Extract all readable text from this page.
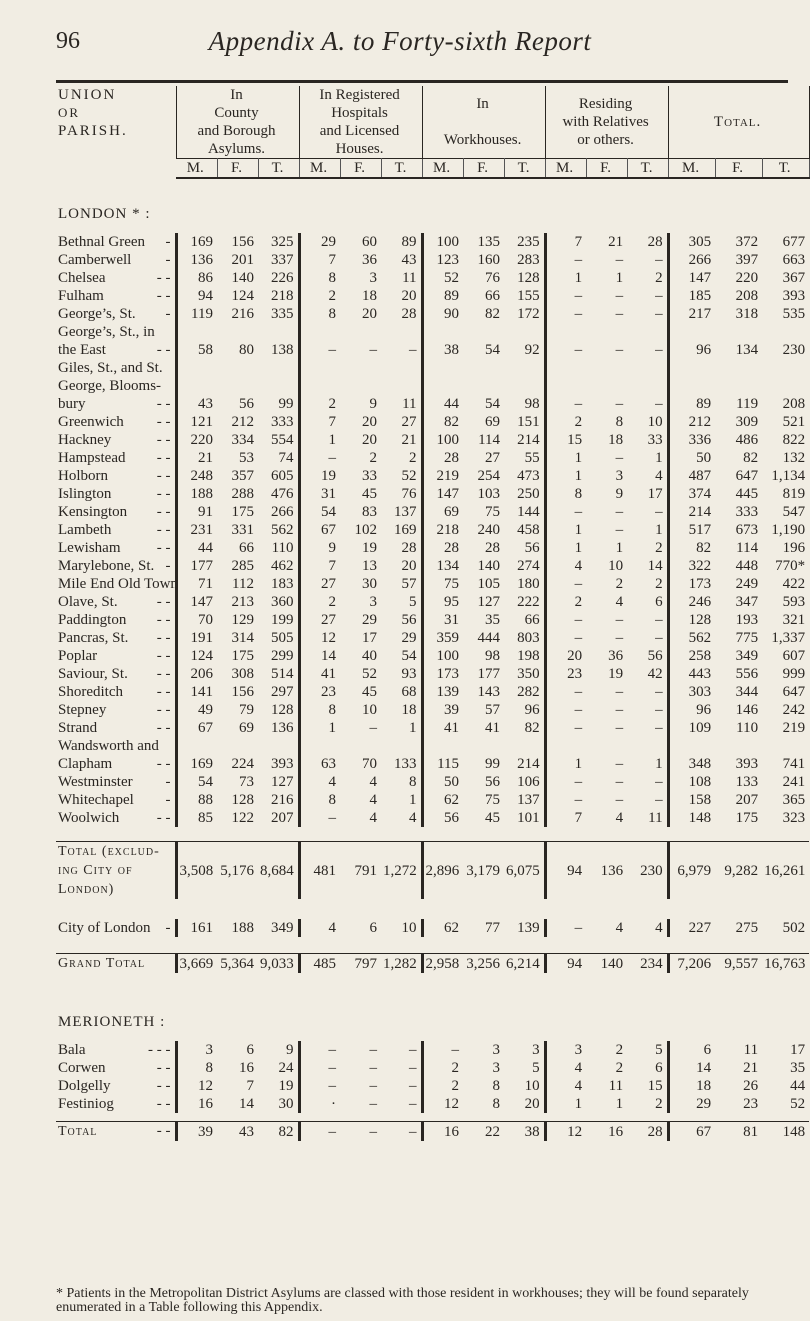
96	Appendix A. to Forty-sixth Report
UNION
OR
PARISH.	In
County
and Borough
Asylums.			In Registered
Hospitals
and Licensed
Houses.			In

Workhouses.			Residing
with Relatives
or others.			Total.		
	M.	F.	T.	M.	F.	T.	M.	F.	T.	M.	F.	T.	M.	F.	T.
LONDON * :															
Bethnal Green -	169	156	325	29	60	89	100	135	235	7	21	28	305	372	677
Camberwell -	136	201	337	7	36	43	123	160	283	–	–	–	266	397	663
Chelsea - -	86	140	226	8	3	11	52	76	128	1	1	2	147	220	367
Fulham - -	94	124	218	2	18	20	89	66	155	–	–	–	185	208	393
George’s, St. -	119	216	335	8	20	28	90	82	172	–	–	–	217	318	535
George’s, St., in

the East - -	58	80	138	–	–	–	38	54	92	–	–	–	96	134	230
Giles, St., and St.

George, Blooms-

bury - -	43	56	99	2	9	11	44	54	98	–	–	–	89	119	208
Greenwich - -	121	212	333	7	20	27	82	69	151	2	8	10	212	309	521
Hackney - -	220	334	554	1	20	21	100	114	214	15	18	33	336	486	822
Hampstead - -	21	53	74	–	2	2	28	27	55	1	–	1	50	82	132
Holborn - -	248	357	605	19	33	52	219	254	473	1	3	4	487	647	1,134
Islington - -	188	288	476	31	45	76	147	103	250	8	9	17	374	445	819
Kensington - -	91	175	266	54	83	137	69	75	144	–	–	–	214	333	547
Lambeth - -	231	331	562	67	102	169	218	240	458	1	–	1	517	673	1,190
Lewisham - -	44	66	110	9	19	28	28	28	56	1	1	2	82	114	196
Marylebone, St. -	177	285	462	7	13	20	134	140	274	4	10	14	322	448	770*
Mile End Old Town	71	112	183	27	30	57	75	105	180	–	2	2	173	249	422
Olave, St. - -	147	213	360	2	3	5	95	127	222	2	4	6	246	347	593
Paddington - -	70	129	199	27	29	56	31	35	66	–	–	–	128	193	321
Pancras, St. - -	191	314	505	12	17	29	359	444	803	–	–	–	562	775	1,337
Poplar - -	124	175	299	14	40	54	100	98	198	20	36	56	258	349	607
Saviour, St. - -	206	308	514	41	52	93	173	177	350	23	19	42	443	556	999
Shoreditch - -	141	156	297	23	45	68	139	143	282	–	–	–	303	344	647
Stepney - -	49	79	128	8	10	18	39	57	96	–	–	–	96	146	242
Strand - -	67	69	136	1	–	1	41	41	82	–	–	–	109	110	219
Wandsworth and

Clapham - -	169	224	393	63	70	133	115	99	214	1	–	1	348	393	741
Westminster -	54	73	127	4	4	8	50	56	106	–	–	–	108	133	241
Whitechapel -	88	128	216	8	4	1	62	75	137	–	–	–	158	207	365
Woolwich - -	85	122	207	–	4	4	56	45	101	7	4	11	148	175	323

Total (exclud-															
ing City of	3,508	5,176	8,684	481	791	1,272	2,896	3,179	6,075	94	136	230	6,979	9,282	16,261
London)															

City of London -	161	188	349	4	6	10	62	77	139	–	4	4	227	275	502

Grand Total	3,669	5,364	9,033	485	797	1,282	2,958	3,256	6,214	94	140	234	7,206	9,557	16,763

MERIONETH :															
Bala - - -	3	6	9	–	–	–	–	3	3	3	2	5	6	11	17
Corwen - -	8	16	24	–	–	–	2	3	5	4	2	6	14	21	35
Dolgelly - -	12	7	19	–	–	–	2	8	10	4	11	15	18	26	44
Festiniog - -	16	14	30	·	–	–	12	8	20	1	1	2	29	23	52

Total - -	39	43	82	–	–	–	16	22	38	12	16	28	67	81	148
* Patients in the Metropolitan District Asylums are classed with those resident in workhouses; they will be found separately enumerated in a Table following this Appendix.
